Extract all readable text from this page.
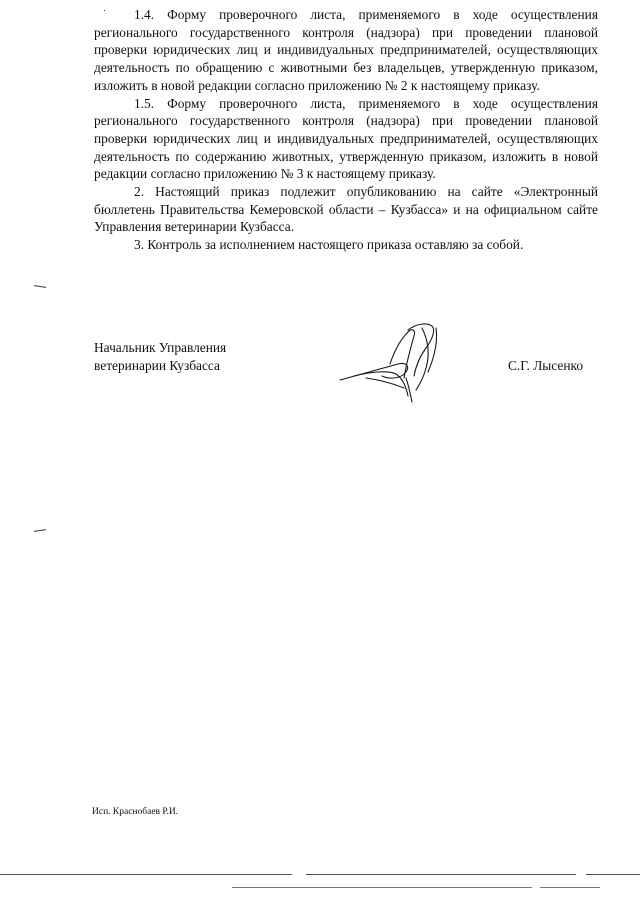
1.4. Форму проверочного листа, применяемого в ходе осуществления регионального государственного контроля (надзора) при проведении плановой проверки юридических лиц и индивидуальных предпринимателей, осуществляющих деятельность по обращению с животными без владельцев, утвержденную приказом, изложить в новой редакции согласно приложению № 2 к настоящему приказу.

1.5. Форму проверочного листа, применяемого в ходе осуществления регионального государственного контроля (надзора) при проведении плановой проверки юридических лиц и индивидуальных предпринимателей, осуществляющих деятельность по содержанию животных, утвержденную приказом, изложить в новой редакции согласно приложению № 3 к настоящему приказу.

2. Настоящий приказ подлежит опубликованию на сайте «Электронный бюллетень Правительства Кемеровской области – Кузбасса» и на официальном сайте Управления ветеринарии Кузбасса.

3. Контроль за исполнением настоящего приказа оставляю за собой.

Начальник Управления
ветеринарии Кузбасса	С.Г. Лысенко
Исп. Краснобаев Р.И.
